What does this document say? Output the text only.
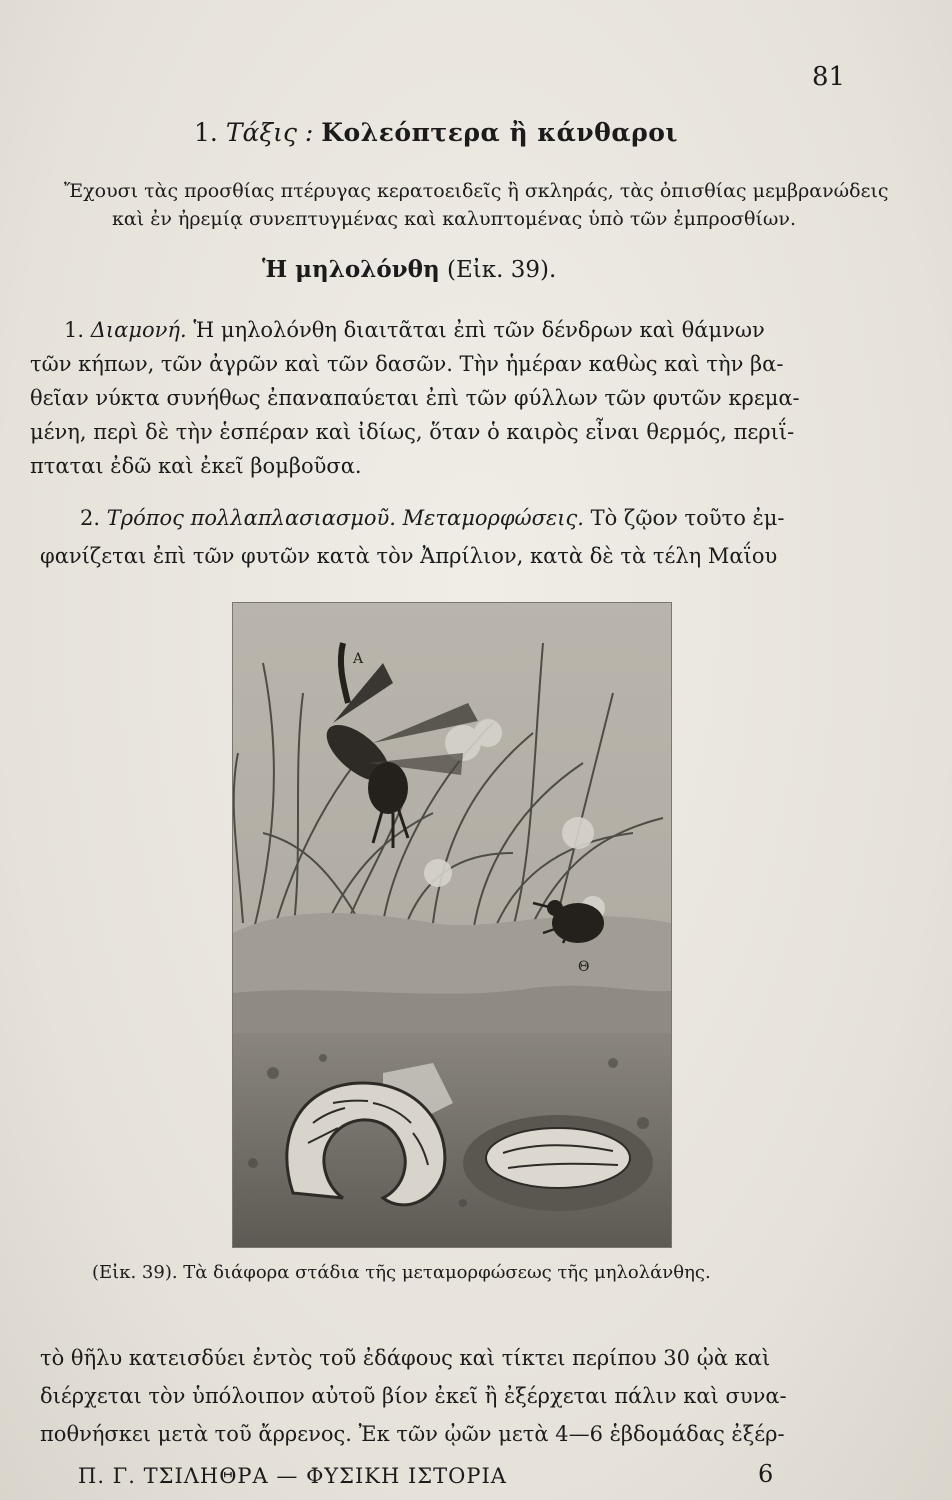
81
1. Τάξις : Κολεόπτερα ἢ κάνθαροι
Ἔχουσι τὰς προσθίας πτέρυγας κερατοειδεῖς ἢ σκληράς, τὰς ὀπισθίας μεμβρανώδεις
καὶ ἐν ἠρεμίᾳ συνεπτυγμένας καὶ καλυπτομένας ὑπὸ τῶν ἐμπροσθίων.
Ἡ μηλολόνθη (Εἰκ. 39).
1. Διαμονή. Ἡ μηλολόνθη διαιτᾶται ἐπὶ τῶν δένδρων καὶ θάμνων
τῶν κήπων, τῶν ἀγρῶν καὶ τῶν δασῶν. Τὴν ἡμέραν καθὼς καὶ τὴν βα-
θεῖαν νύκτα συνήθως ἐπαναπαύεται ἐπὶ τῶν φύλλων τῶν φυτῶν κρεμα-
μένη, περὶ δὲ τὴν ἑσπέραν καὶ ἰδίως, ὅταν ὁ καιρὸς εἶναι θερμός, περιΐ-
πταται ἐδῶ καὶ ἐκεῖ βομβοῦσα.
2. Τρόπος πολλαπλασιασμοῦ. Μεταμορφώσεις. Τὸ ζῷον τοῦτο ἐμ-
φανίζεται ἐπὶ τῶν φυτῶν κατὰ τὸν Ἀπρίλιον, κατὰ δὲ τὰ τέλη Μαΐου
Α
Θ
(Εἰκ. 39). Τὰ διάφορα στάδια τῆς μεταμορφώσεως τῆς μηλολάνθης.
τὸ θῆλυ κατεισδύει ἐντὸς τοῦ ἐδάφους καὶ τίκτει περίπου 30 ᾠὰ καὶ
διέρχεται τὸν ὑπόλοιπον αὐτοῦ βίον ἐκεῖ ἢ ἐξέρχεται πάλιν καὶ συνα-
ποθνήσκει μετὰ τοῦ ἄρρενος. Ἐκ τῶν ᾠῶν μετὰ 4—6 ἑβδομάδας ἐξέρ-
Π. Γ. ΤΣΙΛΗΘΡΑ — ΦΥΣΙΚΗ ΙΣΤΟΡΙΑ	6
